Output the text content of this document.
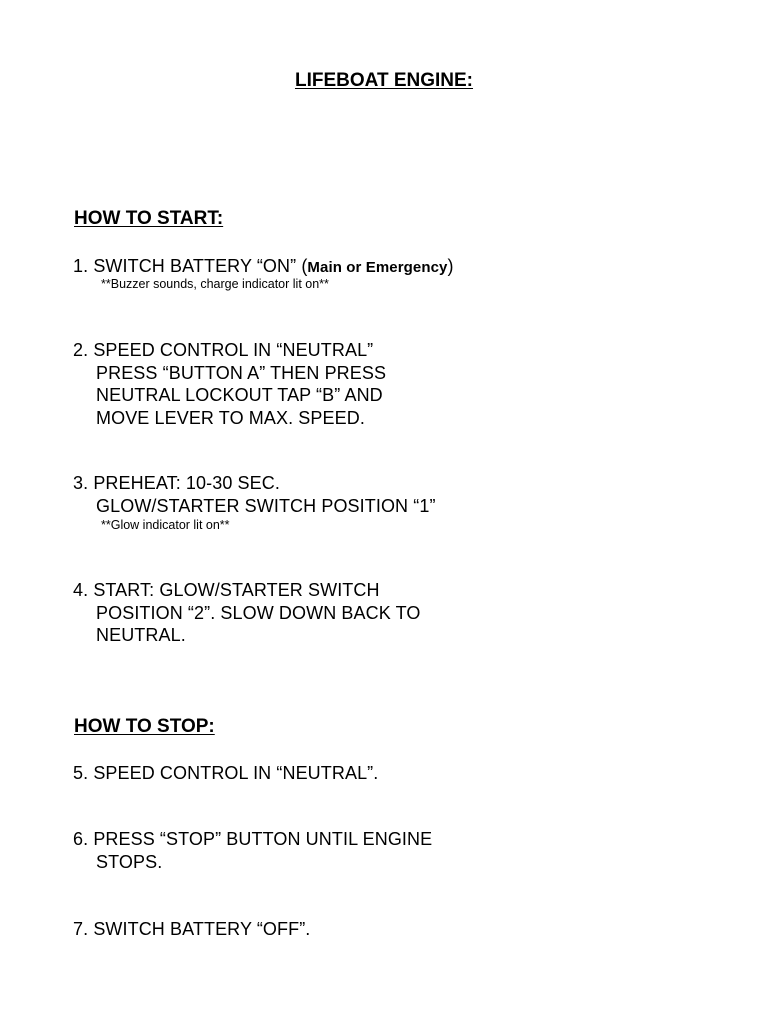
LIFEBOAT ENGINE:
HOW TO START:

1. SWITCH BATTERY “ON” (Main or Emergency)

**Buzzer sounds, charge indicator lit on**

2. SPEED CONTROL IN “NEUTRAL”

PRESS “BUTTON A” THEN PRESS

NEUTRAL LOCKOUT TAP “B” AND

MOVE LEVER TO MAX. SPEED.

3. PREHEAT: 10-30 SEC.

GLOW/STARTER SWITCH POSITION “1”

**Glow indicator lit on**

4. START: GLOW/STARTER SWITCH

POSITION “2”. SLOW DOWN BACK TO

NEUTRAL.

HOW TO STOP:

5. SPEED CONTROL IN “NEUTRAL”.

6. PRESS “STOP” BUTTON UNTIL ENGINE

STOPS.

7. SWITCH BATTERY “OFF”.
